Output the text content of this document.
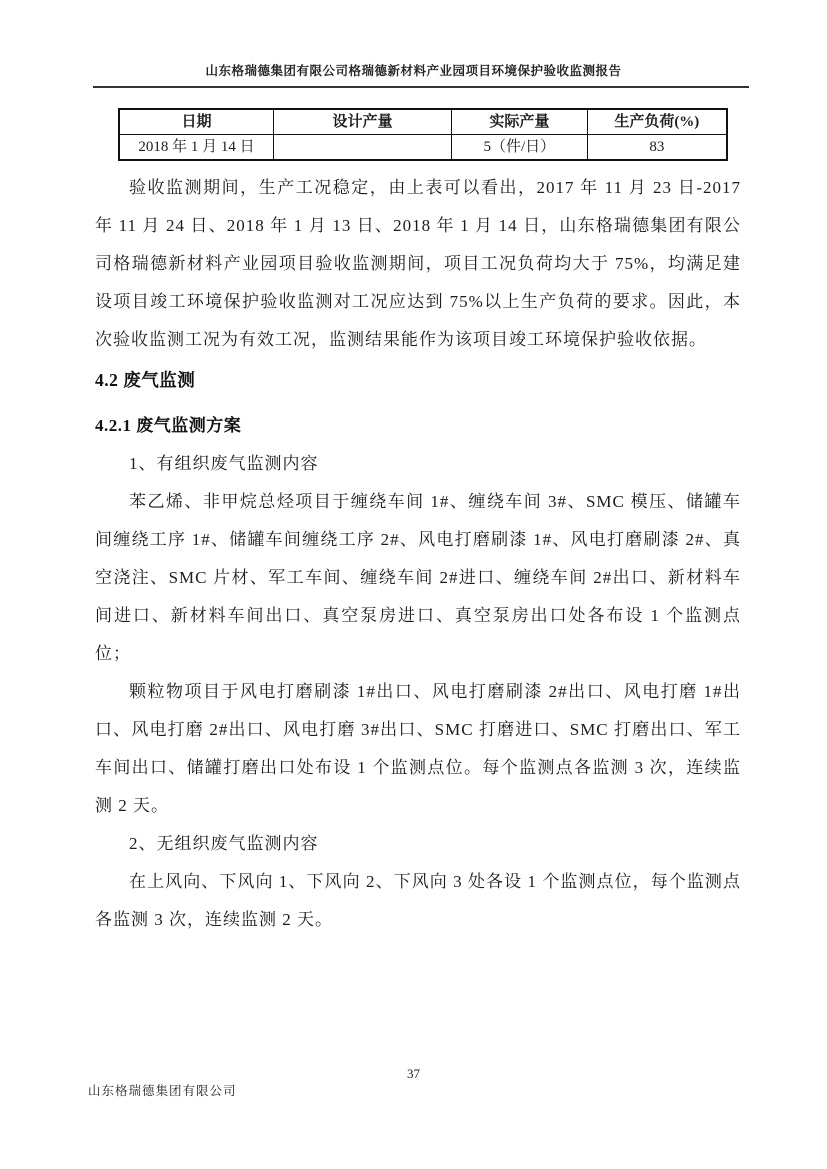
山东格瑞德集团有限公司格瑞德新材料产业园项目环境保护验收监测报告
日期	设计产量	实际产量	生产负荷(%)
2018 年 1 月 14 日		5（件/日）	83

验收监测期间，生产工况稳定，由上表可以看出，2017 年 11 月 23 日-2017 年 11 月 24 日、2018 年 1 月 13 日、2018 年 1 月 14 日，山东格瑞德集团有限公司格瑞德新材料产业园项目验收监测期间，项目工况负荷均大于 75%，均满足建设项目竣工环境保护验收监测对工况应达到 75%以上生产负荷的要求。因此，本次验收监测工况为有效工况，监测结果能作为该项目竣工环境保护验收依据。

4.2 废气监测
4.2.1 废气监测方案

1、有组织废气监测内容

苯乙烯、非甲烷总烃项目于缠绕车间 1#、缠绕车间 3#、SMC 模压、储罐车间缠绕工序 1#、储罐车间缠绕工序 2#、风电打磨刷漆 1#、风电打磨刷漆 2#、真空浇注、SMC 片材、军工车间、缠绕车间 2#进口、缠绕车间 2#出口、新材料车间进口、新材料车间出口、真空泵房进口、真空泵房出口处各布设 1 个监测点位；

颗粒物项目于风电打磨刷漆 1#出口、风电打磨刷漆 2#出口、风电打磨 1#出口、风电打磨 2#出口、风电打磨 3#出口、SMC 打磨进口、SMC 打磨出口、军工车间出口、储罐打磨出口处布设 1 个监测点位。每个监测点各监测 3 次，连续监测 2 天。

2、无组织废气监测内容

在上风向、下风向 1、下风向 2、下风向 3 处各设 1 个监测点位，每个监测点各监测 3 次，连续监测 2 天。

37
山东格瑞德集团有限公司
